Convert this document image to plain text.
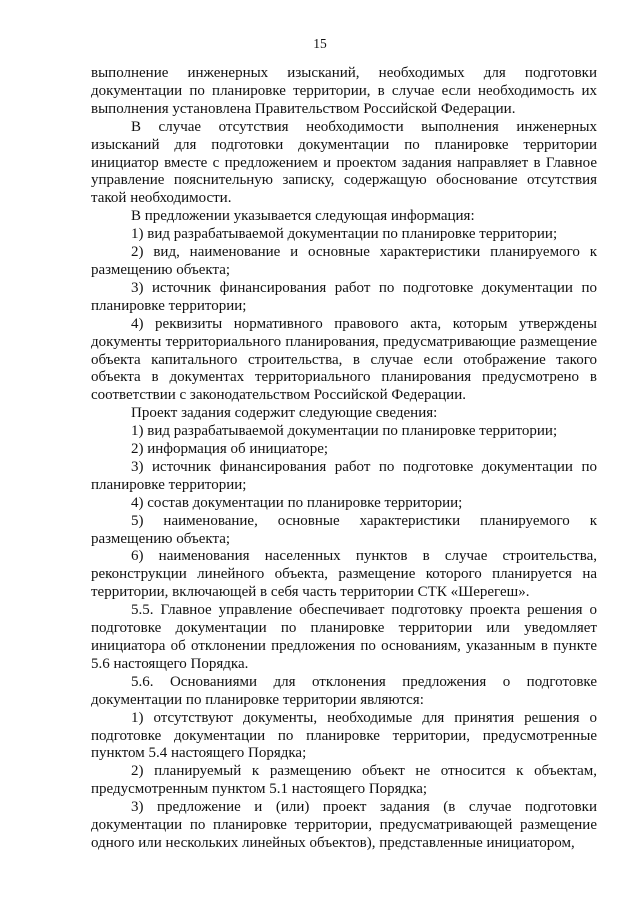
15

выполнение инженерных изысканий, необходимых для подготовки документации по планировке территории, в случае если необходимость их выполнения установлена Правительством Российской Федерации.

В случае отсутствия необходимости выполнения инженерных изысканий для подготовки документации по планировке территории инициатор вместе с предложением и проектом задания направляет в Главное управление пояснительную записку, содержащую обоснование отсутствия такой необходимости.

В предложении указывается следующая информация:

1) вид разрабатываемой документации по планировке территории;

2) вид, наименование и основные характеристики планируемого к размещению объекта;

3) источник финансирования работ по подготовке документации по планировке территории;

4) реквизиты нормативного правового акта, которым утверждены документы территориального планирования, предусматривающие размещение объекта капитального строительства, в случае если отображение такого объекта в документах территориального планирования предусмотрено в соответствии с законодательством Российской Федерации.

Проект задания содержит следующие сведения:

1) вид разрабатываемой документации по планировке территории;

2) информация об инициаторе;

3) источник финансирования работ по подготовке документации по планировке территории;

4) состав документации по планировке территории;

5) наименование, основные характеристики планируемого к размещению объекта;

6) наименования населенных пунктов в случае строительства, реконструкции линейного объекта, размещение которого планируется на территории, включающей в себя часть территории СТК «Шерегеш».

5.5. Главное управление обеспечивает подготовку проекта решения о подготовке документации по планировке территории или уведомляет инициатора об отклонении предложения по основаниям, указанным в пункте 5.6 настоящего Порядка.

5.6. Основаниями для отклонения предложения о подготовке документации по планировке территории являются:

1) отсутствуют документы, необходимые для принятия решения о подготовке документации по планировке территории, предусмотренные пунктом 5.4 настоящего Порядка;

2) планируемый к размещению объект не относится к объектам, предусмотренным пунктом 5.1 настоящего Порядка;

3) предложение и (или) проект задания (в случае подготовки документации по планировке территории, предусматривающей размещение одного или нескольких линейных объектов), представленные инициатором,
